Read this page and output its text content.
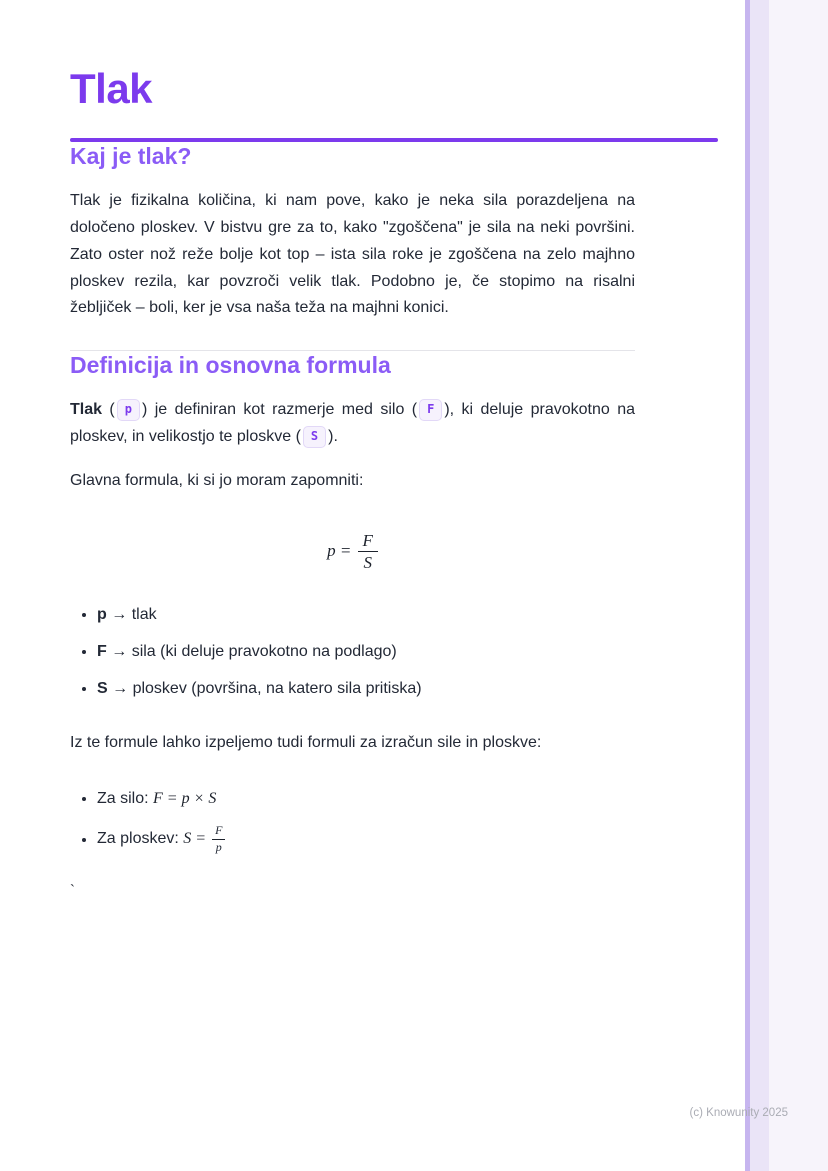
Tlak
Kaj je tlak?

Tlak je fizikalna količina, ki nam pove, kako je neka sila porazdeljena na določeno ploskev. V bistvu gre za to, kako "zgoščena" je sila na neki površini. Zato oster nož reže bolje kot top – ista sila roke je zgoščena na zelo majhno ploskev rezila, kar povzroči velik tlak. Podobno je, če stopimo na risalni žebljiček – boli, ker je vsa naša teža na majhni konici.

Definicija in osnovna formula

Tlak ( p ) je definiran kot razmerje med silo ( F ), ki deluje pravokotno na ploskev, in velikostjo te ploskve ( S ).

Glavna formula, ki si jo moram zapomniti:

$p = \frac{F}{S}$
• p → tlak
• F → sila (ki deluje pravokotno na podlago)
• S → ploskev (površina, na katero sila pritiska)

Iz te formule lahko izpeljemo tudi formuli za izračun sile in ploskve:

• Za silo: F = p × S
• Za ploskev: $S = \frac{F}{p}$
`
(c) Knowunity 2025
